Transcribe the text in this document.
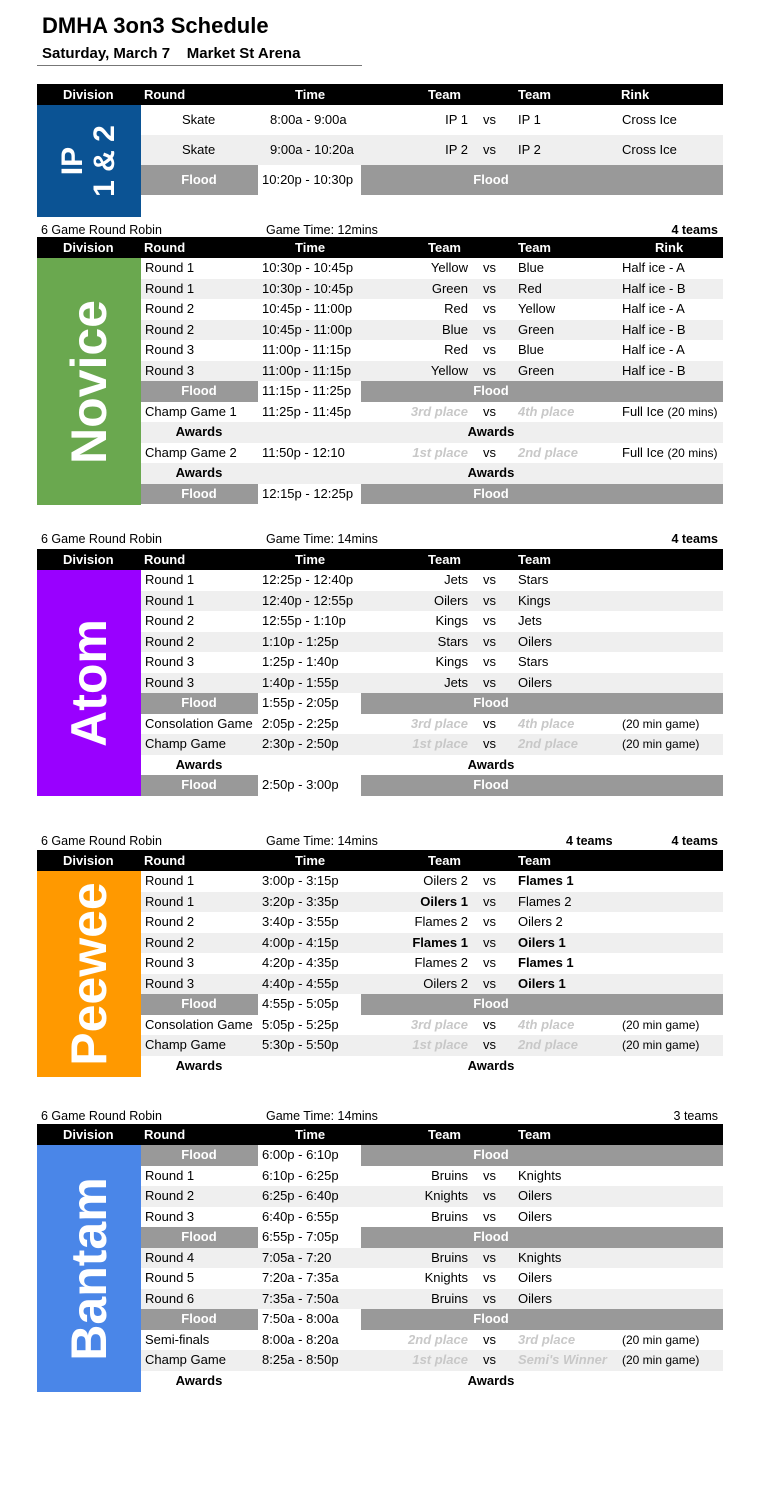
DMHA 3on3 Schedule
Saturday, March 7    Market St Arena
Division Round	Time	Team	Team	Rink
IP
1 & 2
Skate	8:00a - 9:00a	IP 1 vs IP 1	Cross Ice
Skate	9:00a - 10:20a	IP 2 vs IP 2	Cross Ice
Flood	10:20p - 10:30p	Flood
6 Game Round Robin	Game Time: 12mins	4 teams
Division Round	Time	Team	Team	Rink
Novice
Round 1	10:30p - 10:45p	Yellow vs Blue	Half ice - A
Round 1	10:30p - 10:45p	Green vs Red	Half ice - B
Round 2	10:45p - 11:00p	Red vs Yellow	Half ice - A
Round 2	10:45p - 11:00p	Blue vs Green	Half ice - B
Round 3	11:00p - 11:15p	Red vs Blue	Half ice - A
Round 3	11:00p - 11:15p	Yellow vs Green	Half ice - B
Flood	11:15p - 11:25p	Flood
Champ Game 1 11:25p - 11:45p	3rd place vs 4th place	Full Ice (20 mins)
Awards	Awards
Champ Game 2 11:50p - 12:10	1st place vs 2nd place	Full Ice (20 mins)
Awards	Awards
Flood	12:15p - 12:25p	Flood
6 Game Round Robin	Game Time: 14mins	4 teams
Division Round	Time	Team	Team
Atom
Round 1	12:25p - 12:40p	Jets vs Stars
Round 1	12:40p - 12:55p	Oilers vs Kings
Round 2	12:55p - 1:10p	Kings vs Jets
Round 2	1:10p - 1:25p	Stars vs Oilers
Round 3	1:25p - 1:40p	Kings vs Stars
Round 3	1:40p - 1:55p	Jets vs Oilers
Flood	1:55p - 2:05p	Flood
Consolation Game 2:05p - 2:25p	3rd place vs 4th place	(20 min game)
Champ Game	2:30p - 2:50p	1st place vs 2nd place	(20 min game)
Awards	Awards
Flood	2:50p - 3:00p	Flood
6 Game Round Robin	Game Time: 14mins	4 teams	4 teams
Division Round	Time	Team	Team
Peewee
Round 1	3:00p - 3:15p	Oilers 2 vs Flames 1
Round 1	3:20p - 3:35p	Oilers 1 vs Flames 2
Round 2	3:40p - 3:55p	Flames 2 vs Oilers 2
Round 2	4:00p - 4:15p	Flames 1 vs Oilers 1
Round 3	4:20p - 4:35p	Flames 2 vs Flames 1
Round 3	4:40p - 4:55p	Oilers 2 vs Oilers 1
Flood	4:55p - 5:05p	Flood
Consolation Game 5:05p - 5:25p	3rd place vs 4th place	(20 min game)
Champ Game	5:30p - 5:50p	1st place vs 2nd place	(20 min game)
Awards	Awards
6 Game Round Robin	Game Time: 14mins	3 teams
Division Round	Time	Team	Team
Bantam
Flood	6:00p - 6:10p	Flood
Round 1	6:10p - 6:25p	Bruins vs Knights
Round 2	6:25p - 6:40p	Knights vs Oilers
Round 3	6:40p - 6:55p	Bruins vs Oilers
Flood	6:55p - 7:05p	Flood
Round 4	7:05a - 7:20	Bruins vs Knights
Round 5	7:20a - 7:35a	Knights vs Oilers
Round 6	7:35a - 7:50a	Bruins vs Oilers
Flood	7:50a - 8:00a	Flood
Semi-finals	8:00a - 8:20a	2nd place vs 3rd place	(20 min game)
Champ Game	8:25a - 8:50p	1st place vs Semi's Winner (20 min game)
Awards	Awards
